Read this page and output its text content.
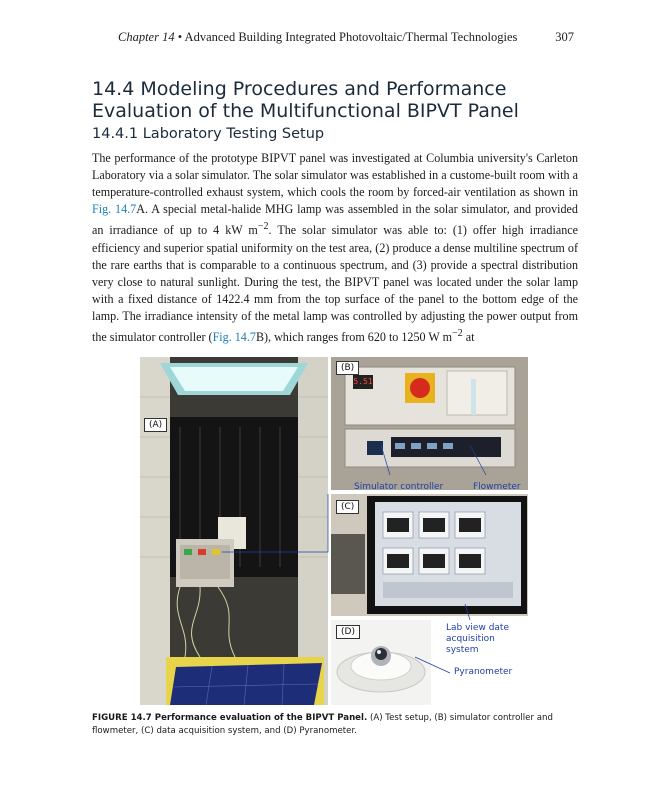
Chapter 14 • Advanced Building Integrated Photovoltaic/Thermal Technologies	307
14.4 Modeling Procedures and Performance Evaluation of the Multifunctional BIPVT Panel
14.4.1 Laboratory Testing Setup

The performance of the prototype BIPVT panel was investigated at Columbia university's Carleton Laboratory via a solar simulator. The solar simulator was established in a custome-built room with a temperature-controlled exhaust system, which cools the room by forced-air ventilation as shown in Fig. 14.7A. A special metal-halide MHG lamp was assembled in the solar simulator, and provided an irradiance of up to 4 kW $m^{-2}$. The solar simulator was able to: (1) offer high irradiance efficiency and superior spatial uniformity on the test area, (2) produce a dense multiline spectrum of the rare earths that is comparable to a continuous spectrum, and (3) provide a spectral distribution very close to natural sunlight. During the test, the BIPVT panel was located under the solar lamp with a fixed distance of 1422.4 mm from the top surface of the panel to the bottom edge of the lamp. The irradiance intensity of the metal lamp was controlled by adjusting the power output from the simulator controller (Fig. 14.7B), which ranges from 620 to 1250 W $m^{-2}$ at

5.51
(A)
(B)
(C)
(D)
Simulator controller	Flowmeter
Lab view date acquisition system
Pyranometer

FIGURE 14.7 Performance evaluation of the BIPVT Panel. (A) Test setup, (B) simulator controller and flowmeter, (C) data acquisition system, and (D) Pyranometer.
